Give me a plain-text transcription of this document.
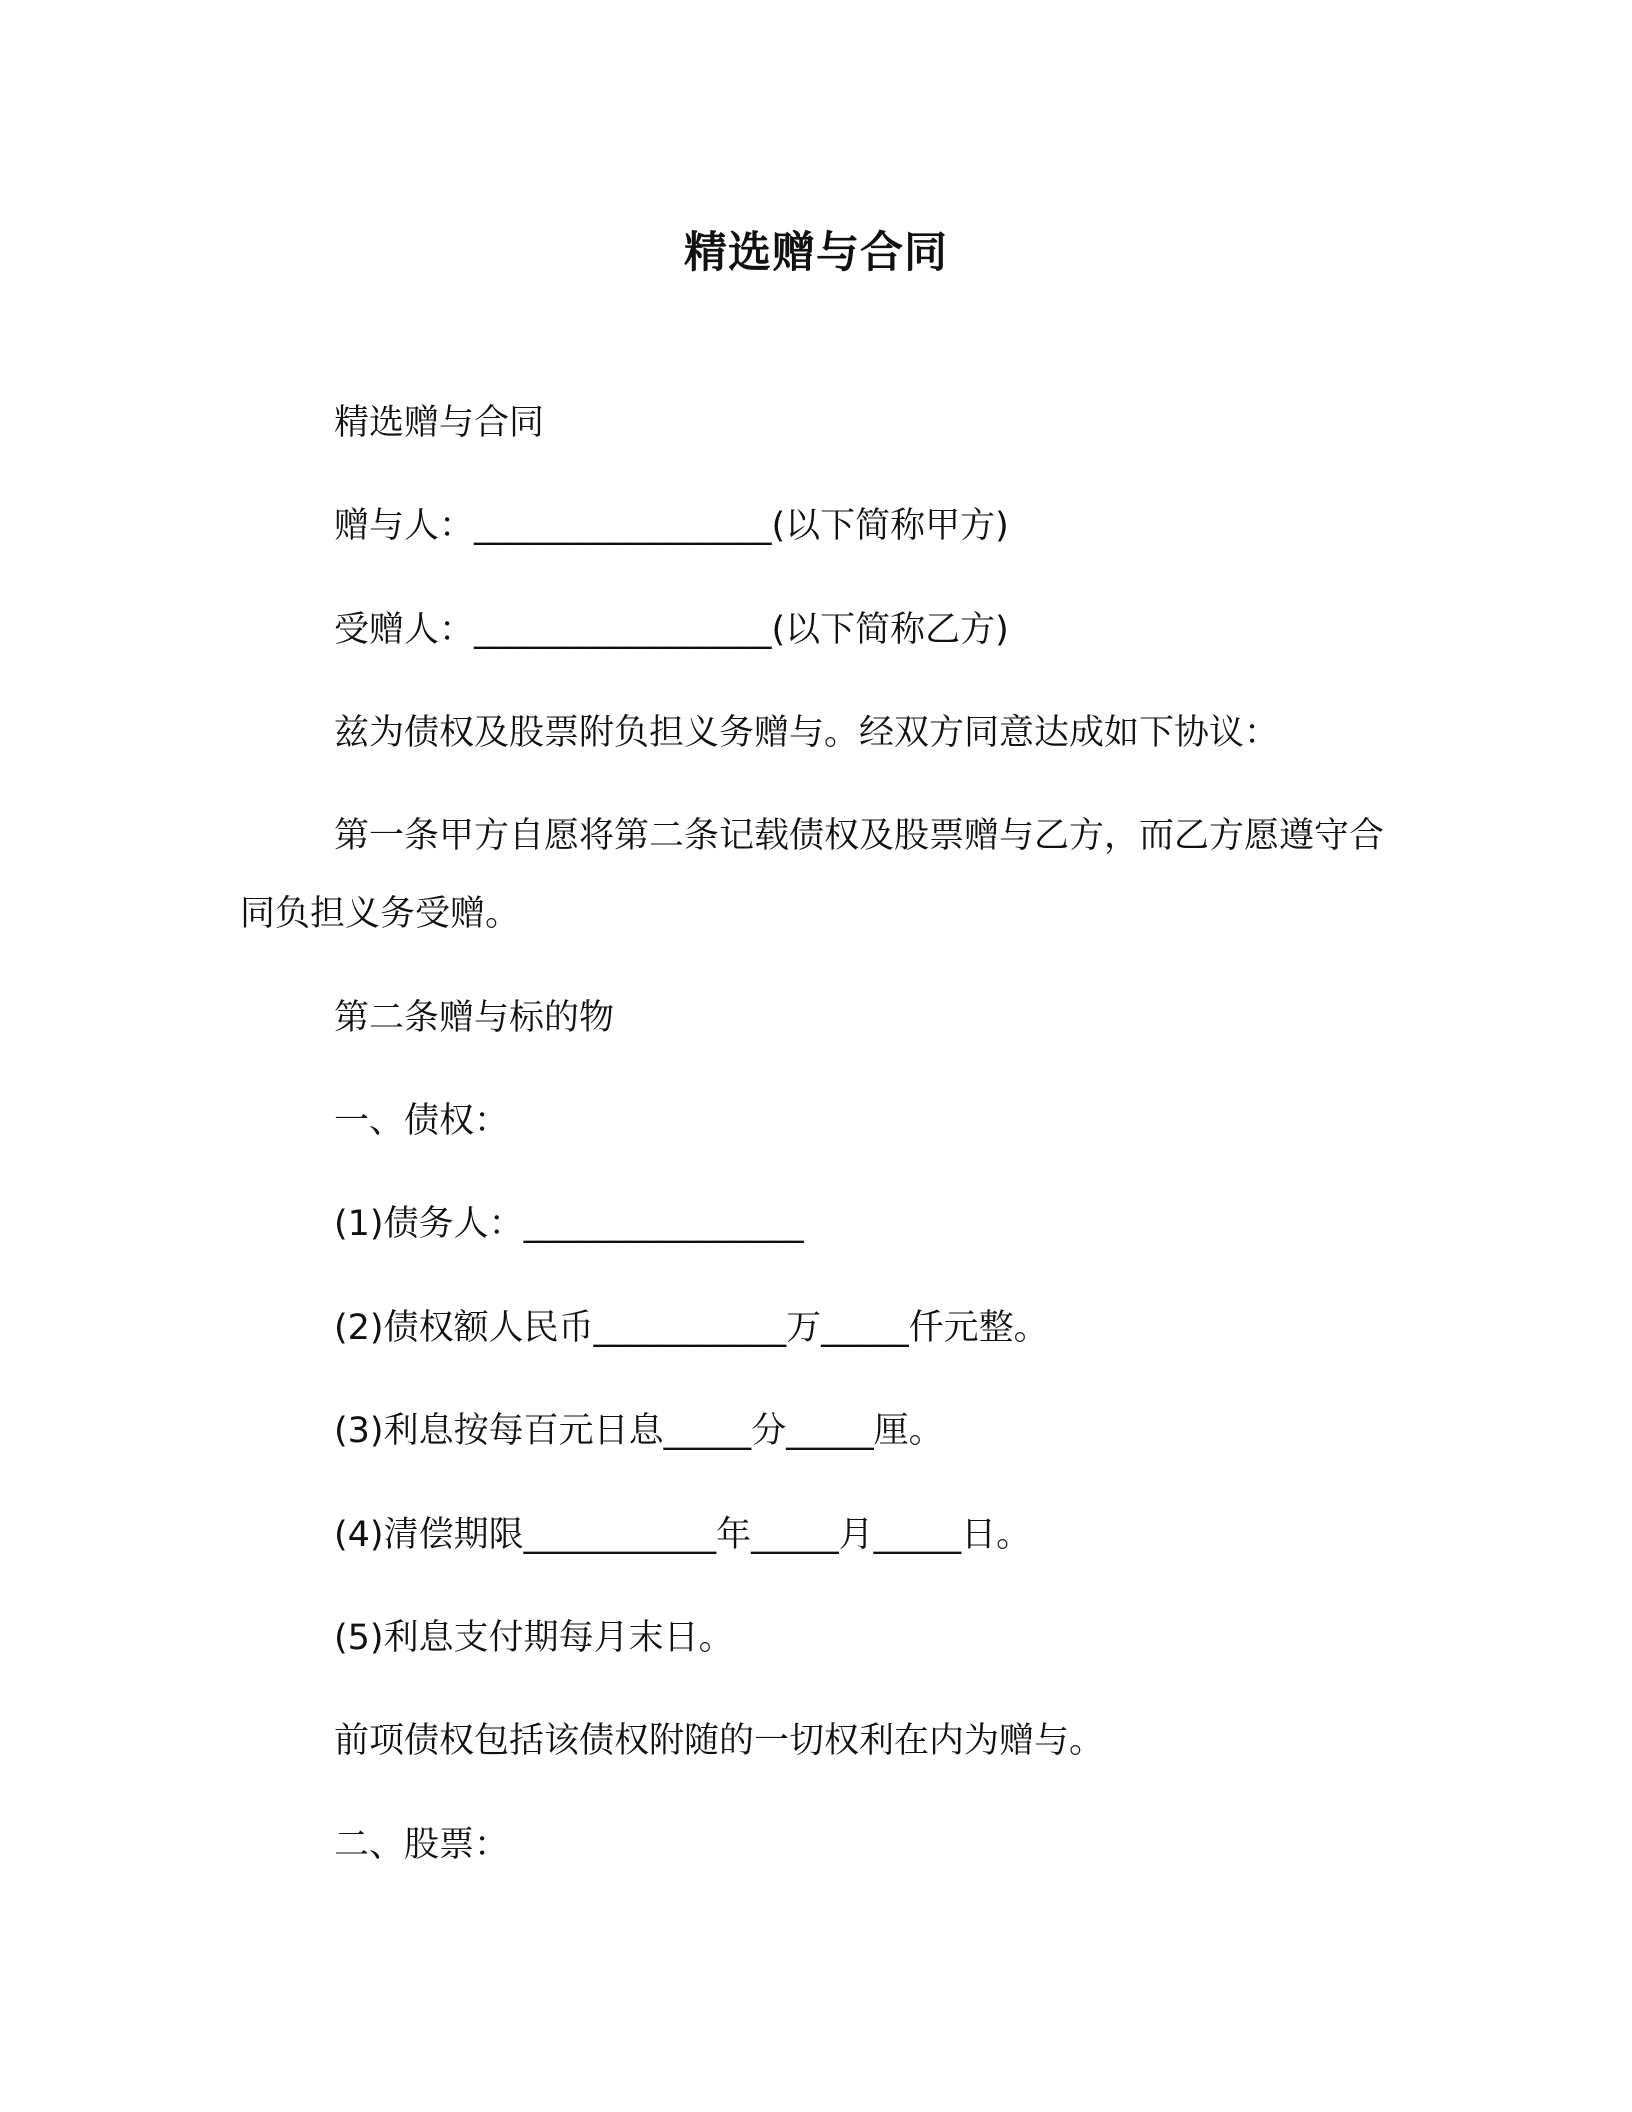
精选赠与合同
精选赠与合同
赠与人：_________________(以下简称甲方)
受赠人：_________________(以下简称乙方)
兹为债权及股票附负担义务赠与。经双方同意达成如下协议：
第一条甲方自愿将第二条记载债权及股票赠与乙方，而乙方愿遵守合同负担义务受赠。
第二条赠与标的物
一、债权：
(1)债务人：________________
(2)债权额人民币___________万_____仟元整。
(3)利息按每百元日息_____分_____厘。
(4)清偿期限___________年_____月_____日。
(5)利息支付期每月末日。
前项债权包括该债权附随的一切权利在内为赠与。
二、股票：
